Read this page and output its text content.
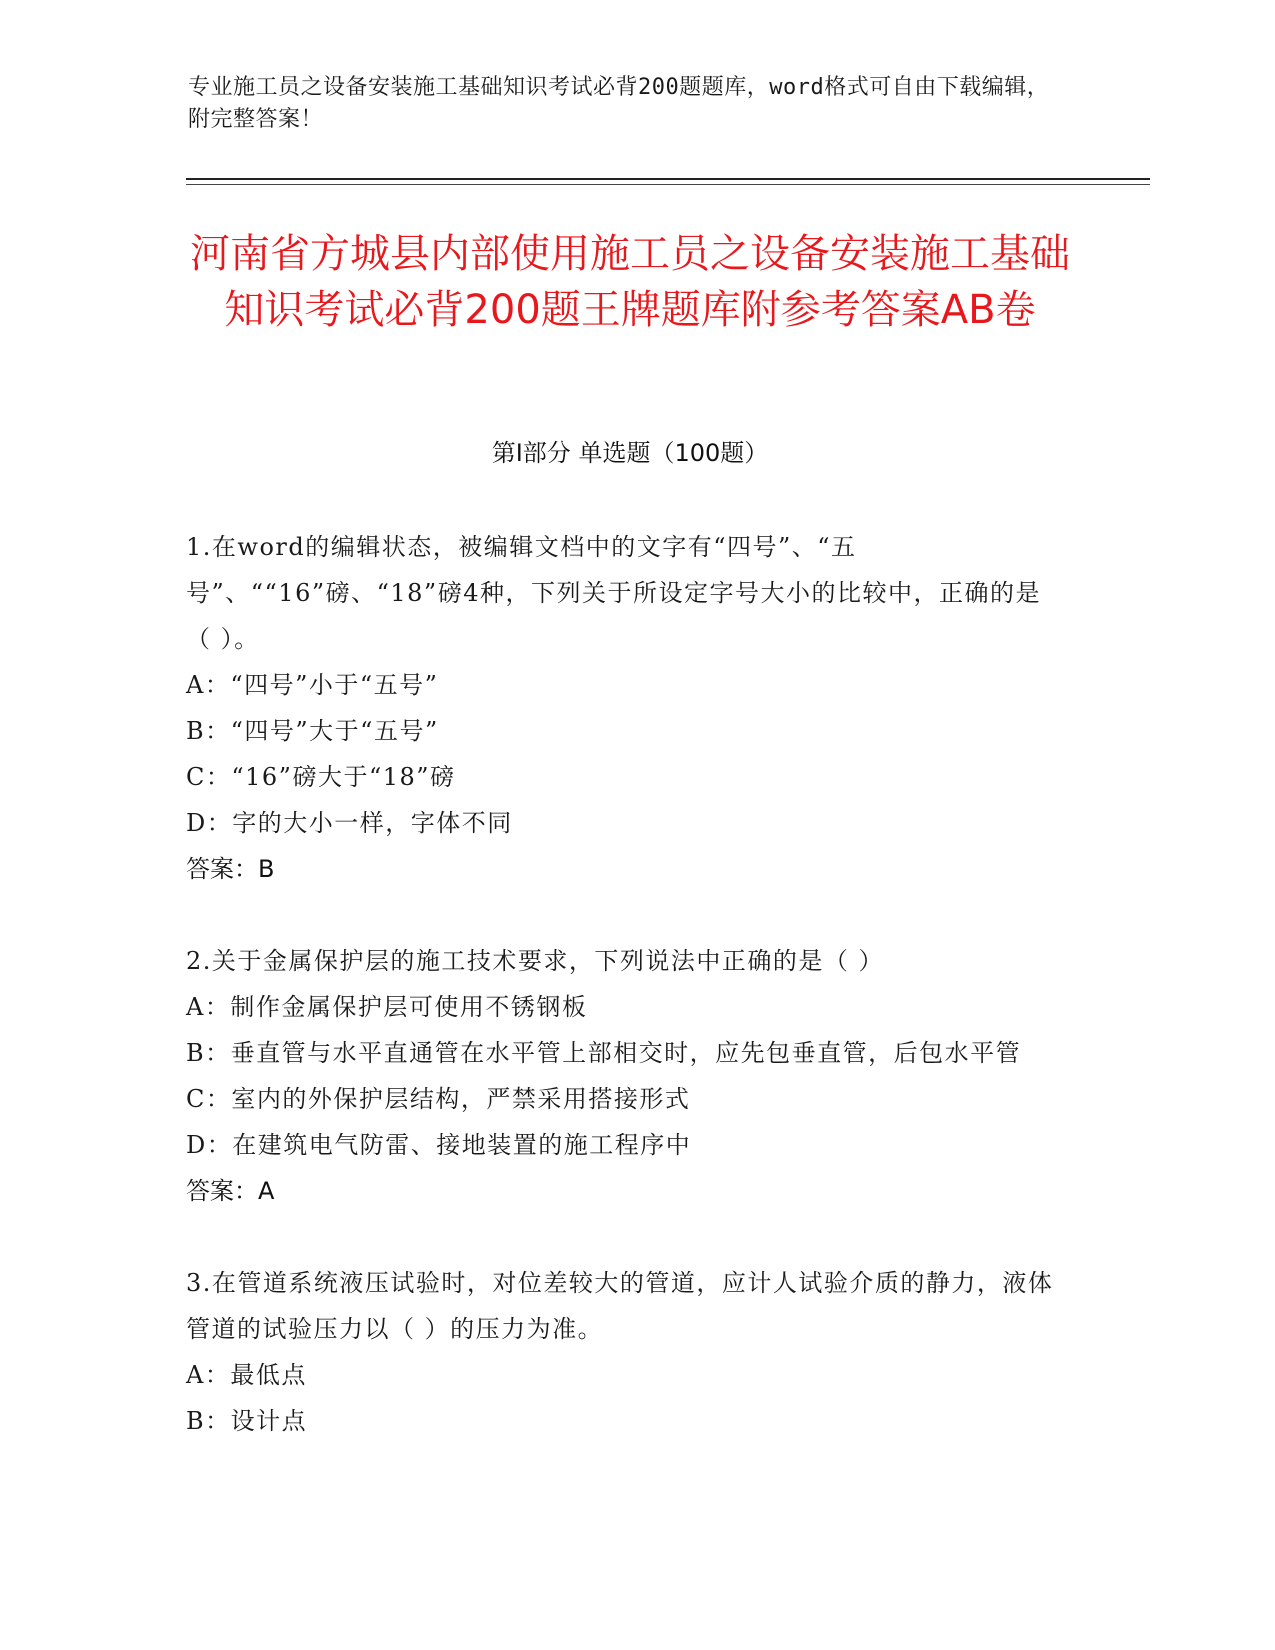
专业施工员之设备安装施工基础知识考试必背200题题库，word格式可自由下载编辑，附完整答案！
河南省方城县内部使用施工员之设备安装施工基础知识考试必背200题王牌题库附参考答案AB卷
第Ⅰ部分 单选题（100题）
1.在word的编辑状态，被编辑文档中的文字有“四号”、“五号”、““16”磅、“18”磅4种，下列关于所设定字号大小的比较中，正确的是（ ）。
A：“四号”小于“五号”
B：“四号”大于“五号”
C：“16”磅大于“18”磅
D：字的大小一样，字体不同
答案：B
2.关于金属保护层的施工技术要求，下列说法中正确的是（ ）
A：制作金属保护层可使用不锈钢板
B：垂直管与水平直通管在水平管上部相交时，应先包垂直管，后包水平管
C：室内的外保护层结构，严禁采用搭接形式
D：在建筑电气防雷、接地装置的施工程序中
答案：A
3.在管道系统液压试验时，对位差较大的管道，应计人试验介质的静力，液体管道的试验压力以（ ）的压力为准。
A：最低点
B：设计点
